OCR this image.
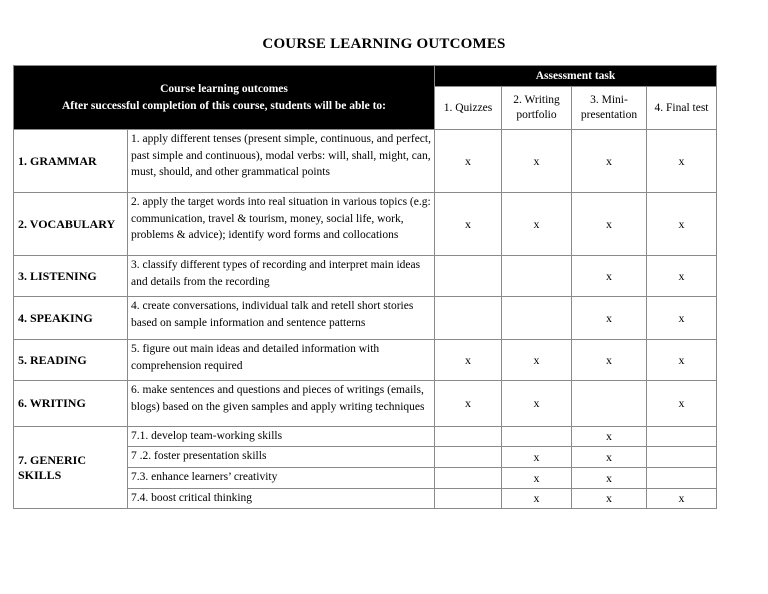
COURSE LEARNING OUTCOMES
Course learning outcomes
After successful completion of this course, students will be able to:		Assessment task			
		1. Quizzes	2. Writing portfolio	3. Mini-presentation	4. Final test
1. GRAMMAR	1. apply different tenses (present simple, continuous, and perfect, past simple and continuous), modal verbs: will, shall, might, can, must, should, and other grammatical points	x	x	x	x
2. VOCABULARY	2. apply the target words into real situation in various topics (e.g: communication, travel & tourism, money, social life, work, problems & advice); identify word forms and collocations	x	x	x	x
3. LISTENING	3. classify different types of recording and interpret main ideas and details from the recording			x	x
4. SPEAKING	4. create conversations, individual talk and retell short stories based on sample information and sentence patterns			x	x
5. READING	5. figure out main ideas and detailed information with comprehension required	x	x	x	x
6. WRITING	6. make sentences and questions and pieces of writings (emails, blogs) based on the given samples and apply writing techniques	x	x		x
7. GENERIC SKILLS	7.1. develop team-working skills			x	
	7 .2. foster presentation skills		x	x	
	7.3. enhance learners’ creativity		x	x	
	7.4. boost critical thinking		x	x	x
